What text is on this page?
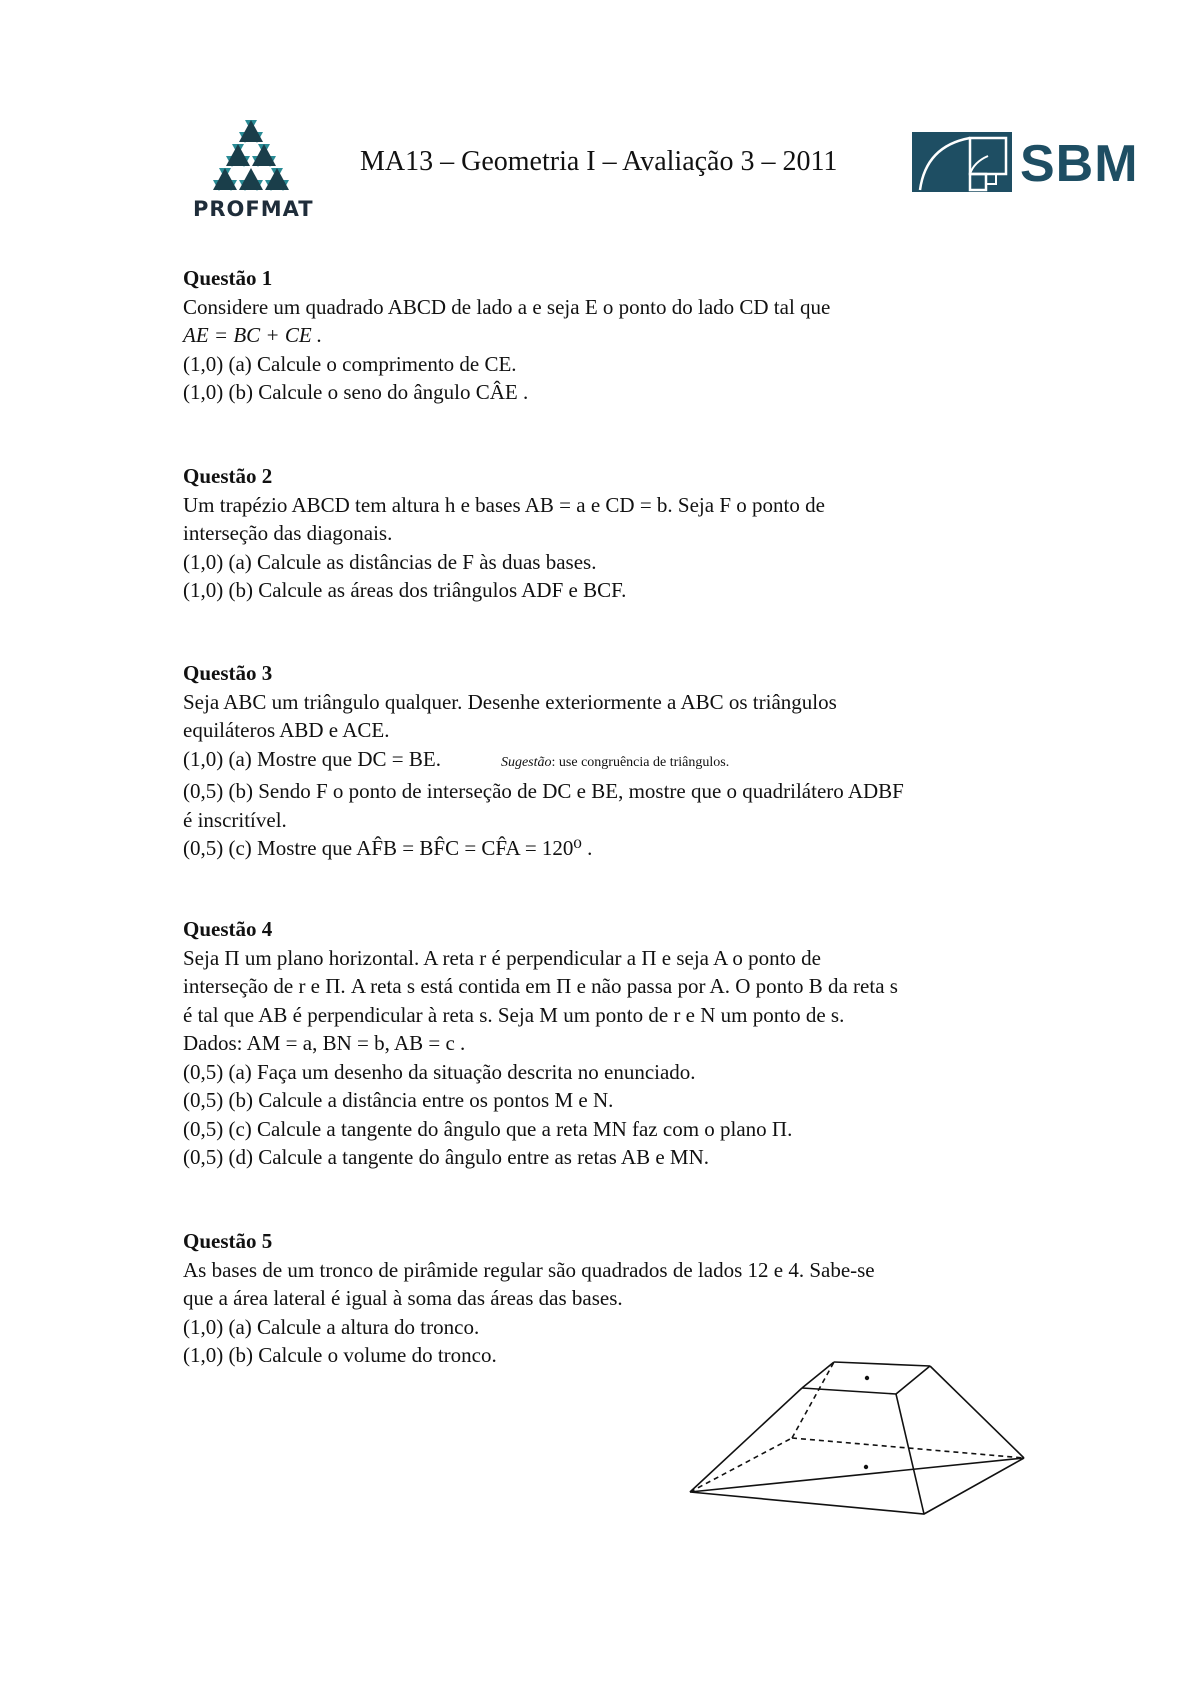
PROFMAT
MA13 – Geometria I – Avaliação 3 – 2011	SBM
Questão 1
Considere um quadrado ABCD de lado a e seja E o ponto do lado CD tal que
AE = BC + CE .
(1,0) (a) Calcule o comprimento de CE.
(1,0) (b) Calcule o seno do ângulo CÂE .
Questão 2
Um trapézio ABCD tem altura h e bases AB = a e CD = b. Seja F o ponto de
interseção das diagonais.
(1,0) (a) Calcule as distâncias de F às duas bases.
(1,0) (b) Calcule as áreas dos triângulos ADF e BCF.
Questão 3
Seja ABC um triângulo qualquer. Desenhe exteriormente a ABC os triângulos
equiláteros ABD e ACE.
(1,0) (a) Mostre que DC = BE.	Sugestão: use congruência de triângulos.
(0,5) (b) Sendo F o ponto de interseção de DC e BE, mostre que o quadrilátero ADBF
é inscritível.
(0,5) (c) Mostre que AF̂B = BF̂C = CF̂A = 120⁰ .
Questão 4
Seja Π um plano horizontal. A reta r é perpendicular a Π e seja A o ponto de
interseção de r e Π. A reta s está contida em Π e não passa por A. O ponto B da reta s
é tal que AB é perpendicular à reta s. Seja M um ponto de r e N um ponto de s.
Dados: AM = a, BN = b, AB = c .
(0,5) (a) Faça um desenho da situação descrita no enunciado.
(0,5) (b) Calcule a distância entre os pontos M e N.
(0,5) (c) Calcule a tangente do ângulo que a reta MN faz com o plano Π.
(0,5) (d) Calcule a tangente do ângulo entre as retas AB e MN.
Questão 5
As bases de um tronco de pirâmide regular são quadrados de lados 12 e 4. Sabe-se
que a área lateral é igual à soma das áreas das bases.
(1,0) (a) Calcule a altura do tronco.
(1,0) (b) Calcule o volume do tronco.
